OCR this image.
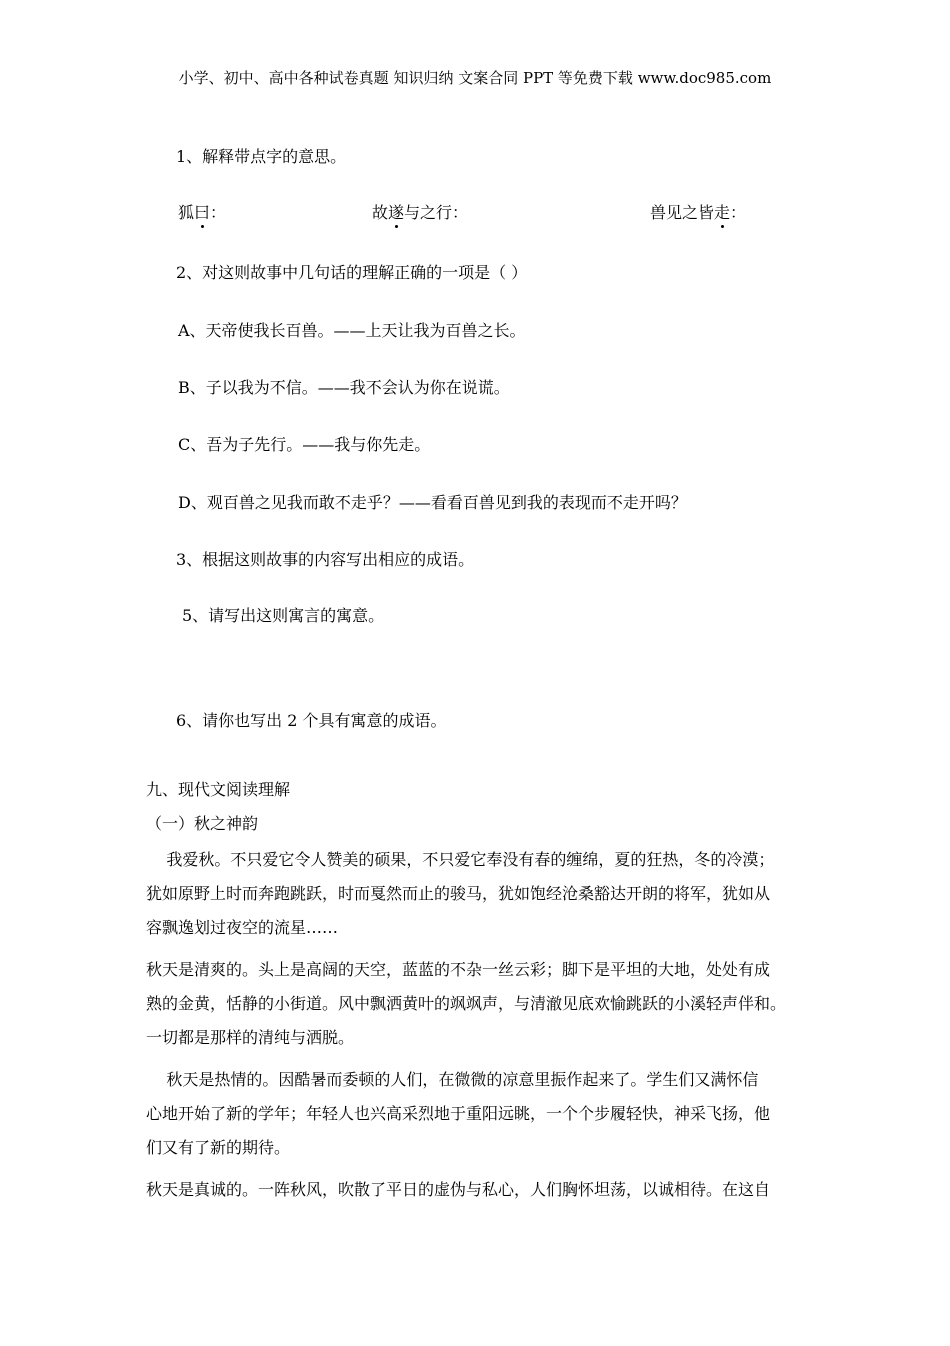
小学、初中、高中各种试卷真题 知识归纳 文案合同 PPT 等免费下载 www.doc985.com
1、解释带点字的意思。
狐曰：	故遂与之行：	兽见之皆走：
2、对这则故事中几句话的理解正确的一项是（ ）
A、天帝使我长百兽。——上天让我为百兽之长。
B、子以我为不信。——我不会认为你在说谎。
C、吾为子先行。——我与你先走。
D、观百兽之见我而敢不走乎？——看看百兽见到我的表现而不走开吗？
3、根据这则故事的内容写出相应的成语。
5、请写出这则寓言的寓意。
6、请你也写出 2 个具有寓意的成语。
九、现代文阅读理解
（一）秋之神韵
我爱秋。不只爱它令人赞美的硕果，不只爱它奉没有春的缠绵，夏的狂热，冬的冷漠；
犹如原野上时而奔跑跳跃，时而戛然而止的骏马，犹如饱经沧桑豁达开朗的将军，犹如从
容飘逸划过夜空的流星……
秋天是清爽的。头上是高阔的天空，蓝蓝的不杂一丝云彩；脚下是平坦的大地，处处有成
熟的金黄，恬静的小街道。风中飘洒黄叶的飒飒声，与清澈见底欢愉跳跃的小溪轻声伴和。
一切都是那样的清纯与洒脱。
秋天是热情的。因酷暑而委顿的人们，在微微的凉意里振作起来了。学生们又满怀信
心地开始了新的学年；年轻人也兴高采烈地于重阳远眺，一个个步履轻快，神采飞扬，他
们又有了新的期待。
秋天是真诚的。一阵秋风，吹散了平日的虚伪与私心，人们胸怀坦荡，以诚相待。在这自
